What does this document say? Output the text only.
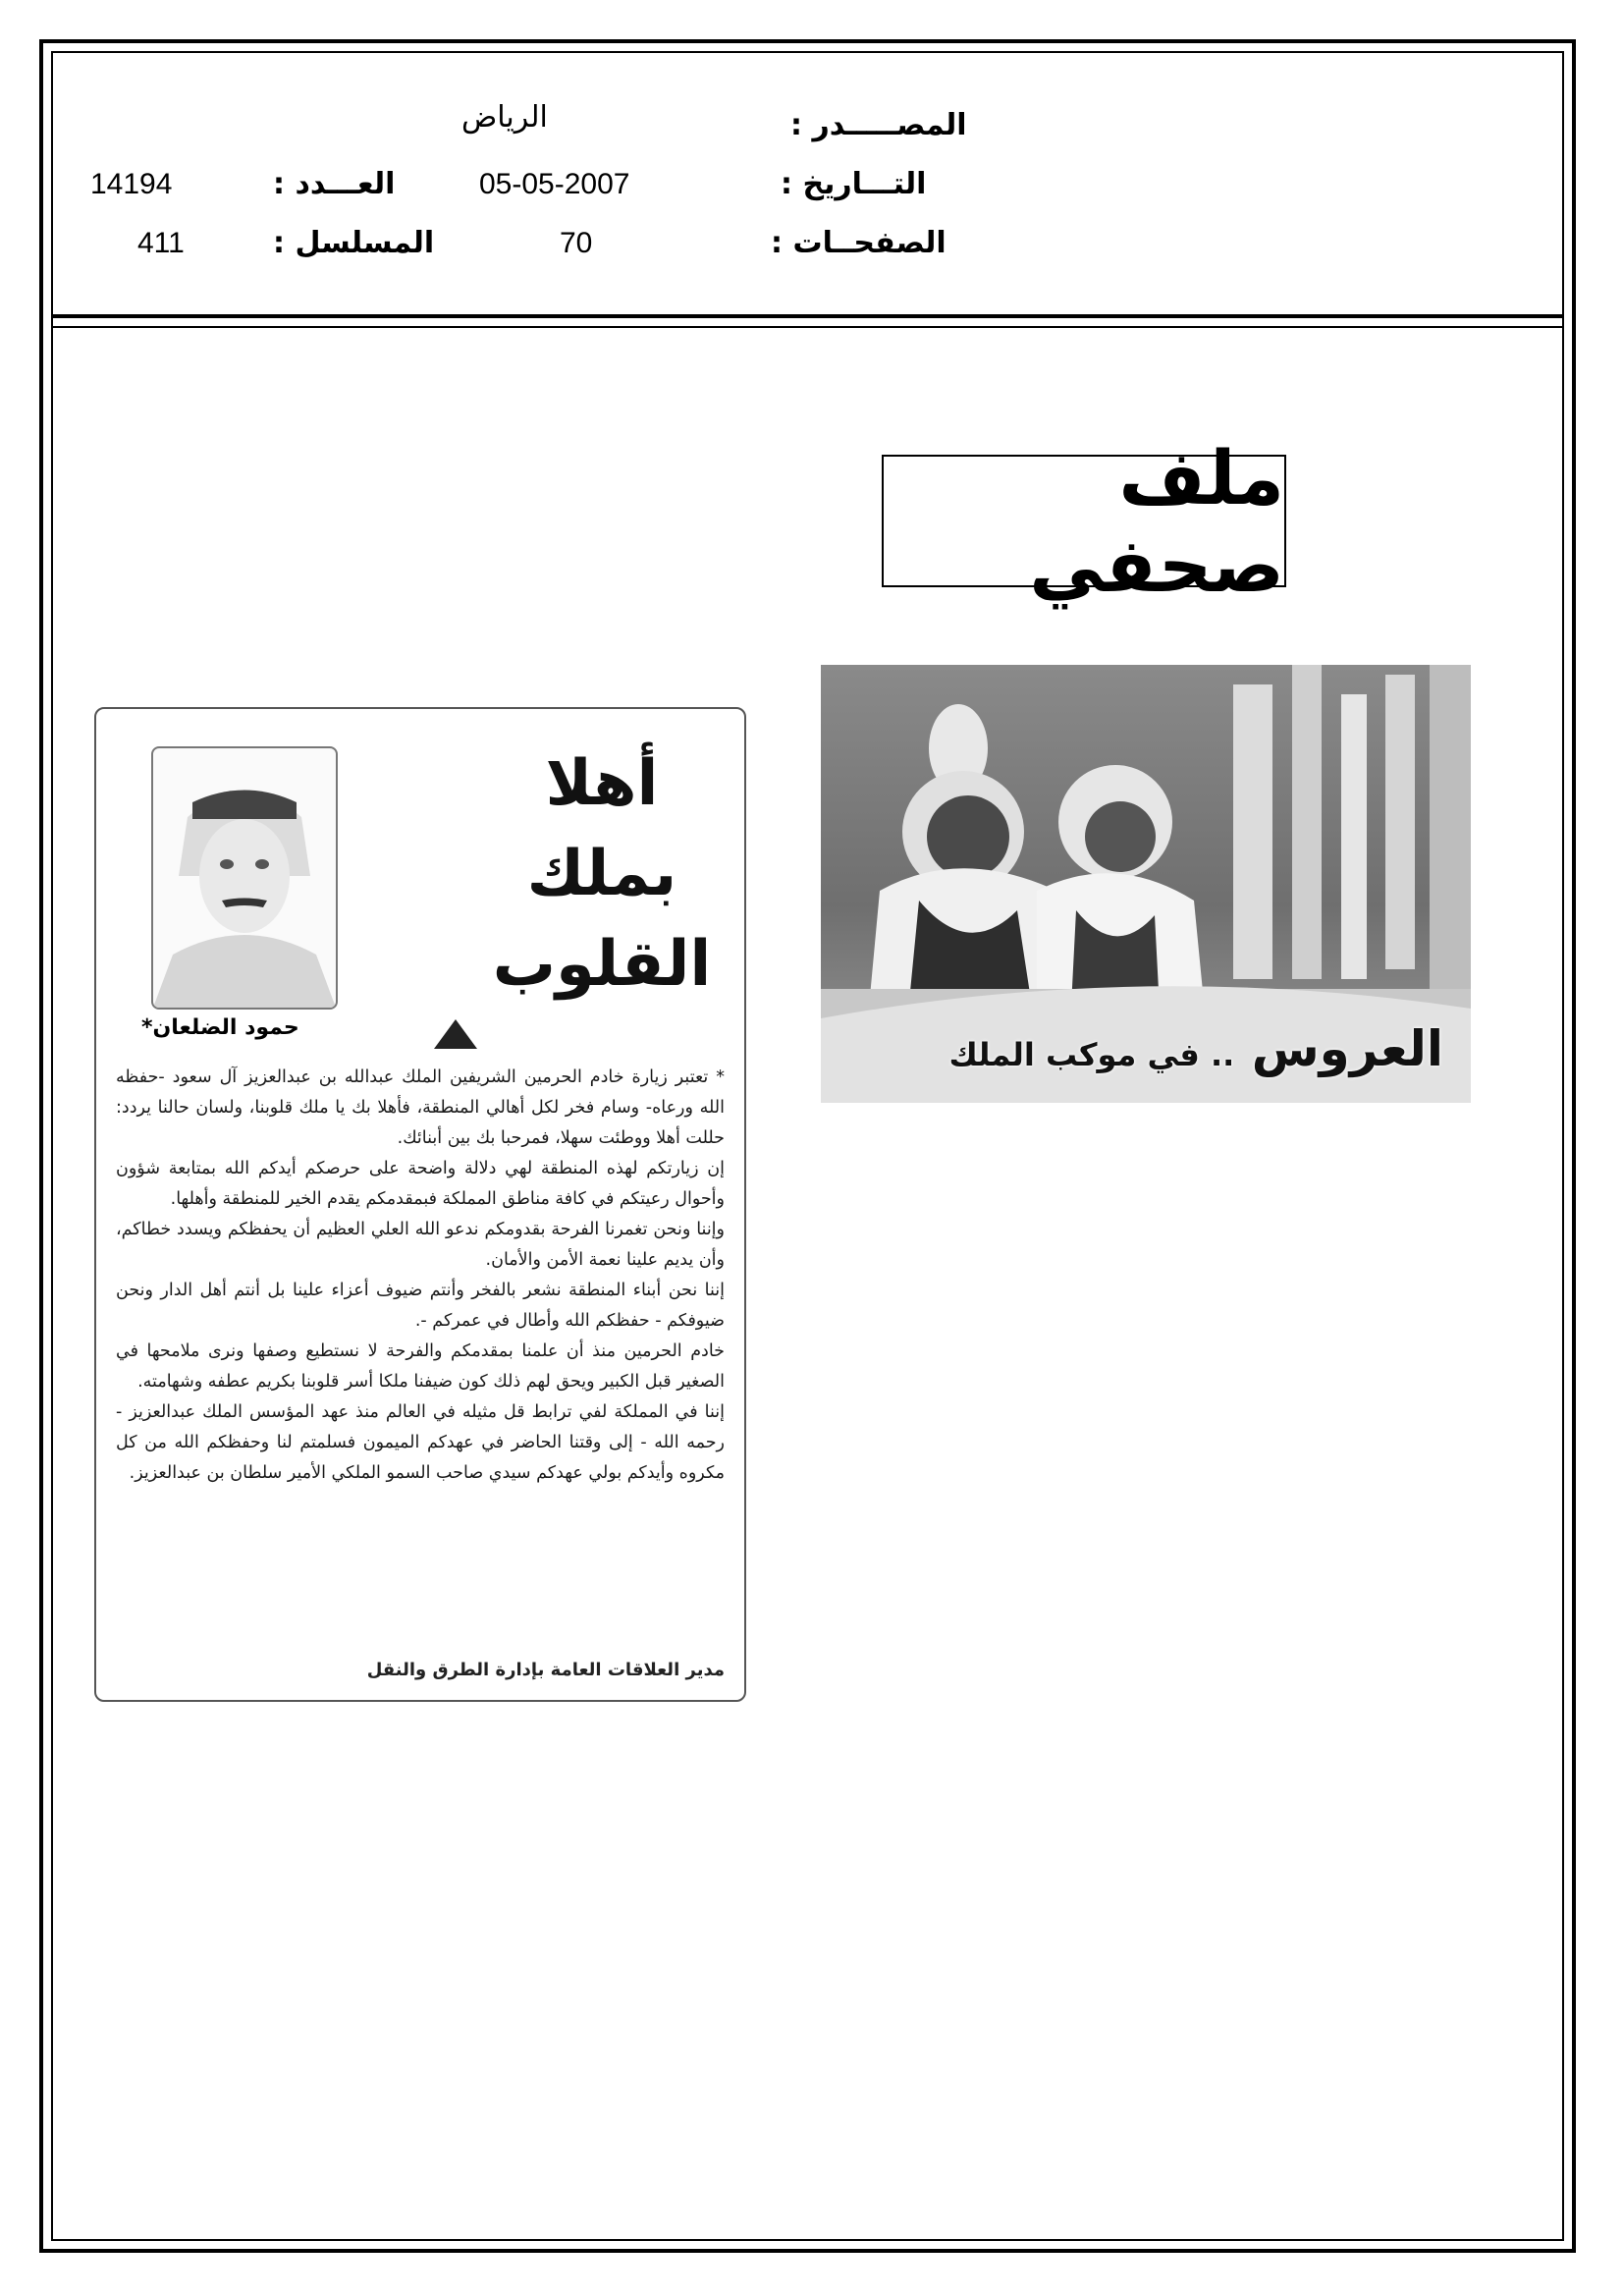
المصـــــدر :
الرياض
التـــاريخ :
05-05-2007
العـــدد :
14194
الصفحــات :
70
المسلسل :
411
ملف صحفي
العروس .. في موكب الملك
أهلا
بملك
القلوب
حمود الضلعان*

* تعتبر زيارة خادم الحرمين الشريفين الملك عبدالله بن عبدالعزيز آل سعود -حفظه الله ورعاه- وسام فخر لكل أهالي المنطقة، فأهلا بك يا ملك قلوبنا، ولسان حالنا يردد: حللت أهلا ووطئت سهلا، فمرحبا بك بين أبنائك.

إن زيارتكم لهذه المنطقة لهي دلالة واضحة على حرصكم أيدكم الله بمتابعة شؤون وأحوال رعيتكم في كافة مناطق المملكة فبمقدمكم يقدم الخير للمنطقة وأهلها.

وإننا ونحن تغمرنا الفرحة بقدومكم ندعو الله العلي العظيم أن يحفظكم ويسدد خطاكم، وأن يديم علينا نعمة الأمن والأمان.

إننا نحن أبناء المنطقة نشعر بالفخر وأنتم ضيوف أعزاء علينا بل أنتم أهل الدار ونحن ضيوفكم - حفظكم الله وأطال في عمركم -.

خادم الحرمين منذ أن علمنا بمقدمكم والفرحة لا نستطيع وصفها ونرى ملامحها في الصغير قبل الكبير ويحق لهم ذلك كون ضيفنا ملكا أسر قلوبنا بكريم عطفه وشهامته.

إننا في المملكة لفي ترابط قل مثيله في العالم منذ عهد المؤسس الملك عبدالعزيز - رحمه الله - إلى وقتنا الحاضر في عهدكم الميمون فسلمتم لنا وحفظكم الله من كل مكروه وأيدكم بولي عهدكم سيدي صاحب السمو الملكي الأمير سلطان بن عبدالعزيز.

مدير العلاقات العامة بإدارة الطرق والنقل
